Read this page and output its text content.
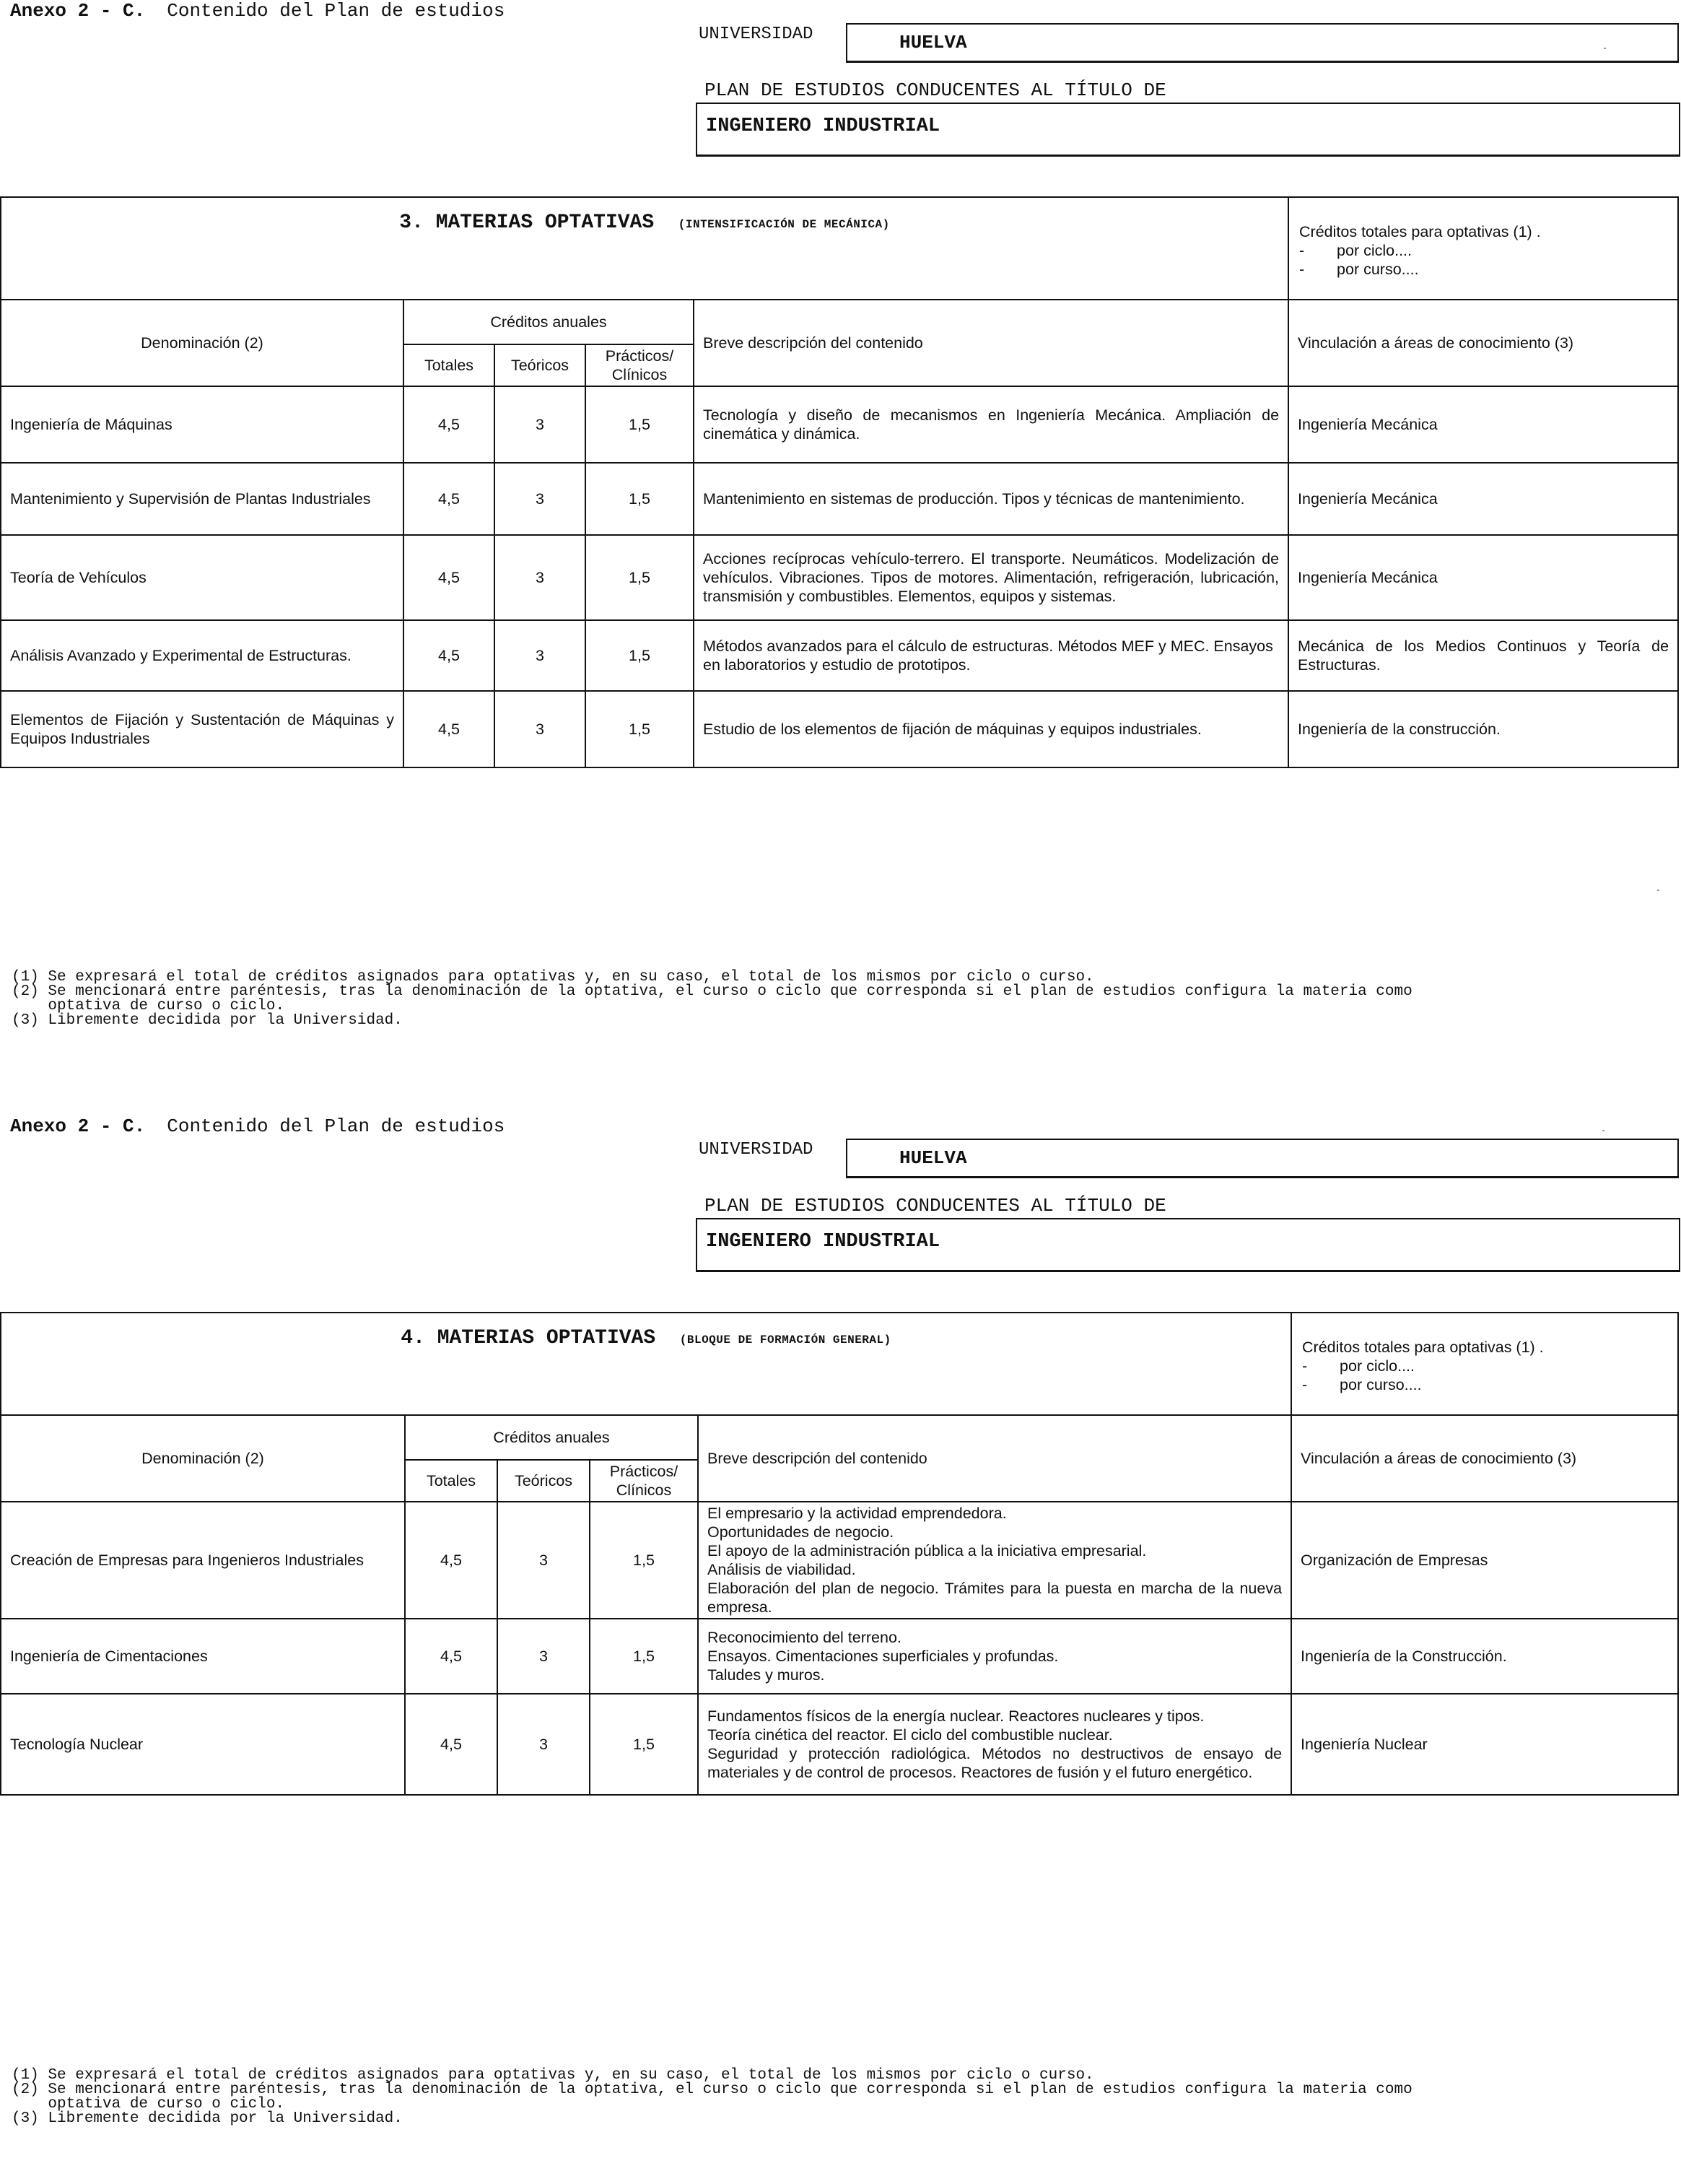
Anexo 2 - C. Contenido del Plan de estudios
UNIVERSIDAD	HUELVA
PLAN DE ESTUDIOS CONDUCENTES AL TÍTULO DE
INGENIERO INDUSTRIAL
3. MATERIAS OPTATIVAS (INTENSIFICACIÓN DE MECÁNICA)					Créditos totales para optativas (1) .
- por ciclo....
- por curso....

Denominación (2)	Créditos anuales			Breve descripción del contenido	Vinculación a áreas de conocimiento (3)
	Totales	Teóricos	Prácticos/ Clínicos		
Ingeniería de Máquinas	4,5	3	1,5	Tecnología y diseño de mecanismos en Ingeniería Mecánica. Ampliación de cinemática y dinámica.	Ingeniería Mecánica
Mantenimiento y Supervisión de Plantas Industriales	4,5	3	1,5	Mantenimiento en sistemas de producción. Tipos y técnicas de mantenimiento.	Ingeniería Mecánica
Teoría de Vehículos	4,5	3	1,5	Acciones recíprocas vehículo-terrero. El transporte. Neumáticos. Modelización de vehículos. Vibraciones. Tipos de motores. Alimentación, refrigeración, lubricación, transmisión y combustibles. Elementos, equipos y sistemas.	Ingeniería Mecánica
Análisis Avanzado y Experimental de Estructuras.	4,5	3	1,5	Métodos avanzados para el cálculo de estructuras. Métodos MEF y MEC. Ensayos en laboratorios y estudio de prototipos.	Mecánica de los Medios Continuos y Teoría de Estructuras.
Elementos de Fijación y Sustentación de Máquinas y Equipos Industriales	4,5	3	1,5	Estudio de los elementos de fijación de máquinas y equipos industriales.	Ingeniería de la construcción.
(1) Se expresará el total de créditos asignados para optativas y, en su caso, el total de los mismos por ciclo o curso.
(2) Se mencionará entre paréntesis, tras la denominación de la optativa, el curso o ciclo que corresponda si el plan de estudios configura la materia como
optativa de curso o ciclo.
(3) Libremente decidida por la Universidad.
Anexo 2 - C. Contenido del Plan de estudios
UNIVERSIDAD	HUELVA
PLAN DE ESTUDIOS CONDUCENTES AL TÍTULO DE
INGENIERO INDUSTRIAL
4. MATERIAS OPTATIVAS (BLOQUE DE FORMACIÓN GENERAL)					Créditos totales para optativas (1) .
- por ciclo....
- por curso....

Denominación (2)	Créditos anuales			Breve descripción del contenido	Vinculación a áreas de conocimiento (3)
	Totales	Teóricos	Prácticos/ Clínicos		
Creación de Empresas para Ingenieros Industriales	4,5	3	1,5	El empresario y la actividad emprendedora.
Oportunidades de negocio.
El apoyo de la administración pública a la iniciativa empresarial.
Análisis de viabilidad.
Elaboración del plan de negocio. Trámites para la puesta en marcha de la nueva empresa.	Organización de Empresas
Ingeniería de Cimentaciones	4,5	3	1,5	Reconocimiento del terreno.
Ensayos. Cimentaciones superficiales y profundas.
Taludes y muros.	Ingeniería de la Construcción.
Tecnología Nuclear	4,5	3	1,5	Fundamentos físicos de la energía nuclear. Reactores nucleares y tipos.
Teoría cinética del reactor. El ciclo del combustible nuclear.
Seguridad y protección radiológica. Métodos no destructivos de ensayo de materiales y de control de procesos. Reactores de fusión y el futuro energético.	Ingeniería Nuclear
(1) Se expresará el total de créditos asignados para optativas y, en su caso, el total de los mismos por ciclo o curso.
(2) Se mencionará entre paréntesis, tras la denominación de la optativa, el curso o ciclo que corresponda si el plan de estudios configura la materia como
optativa de curso o ciclo.
(3) Libremente decidida por la Universidad.
